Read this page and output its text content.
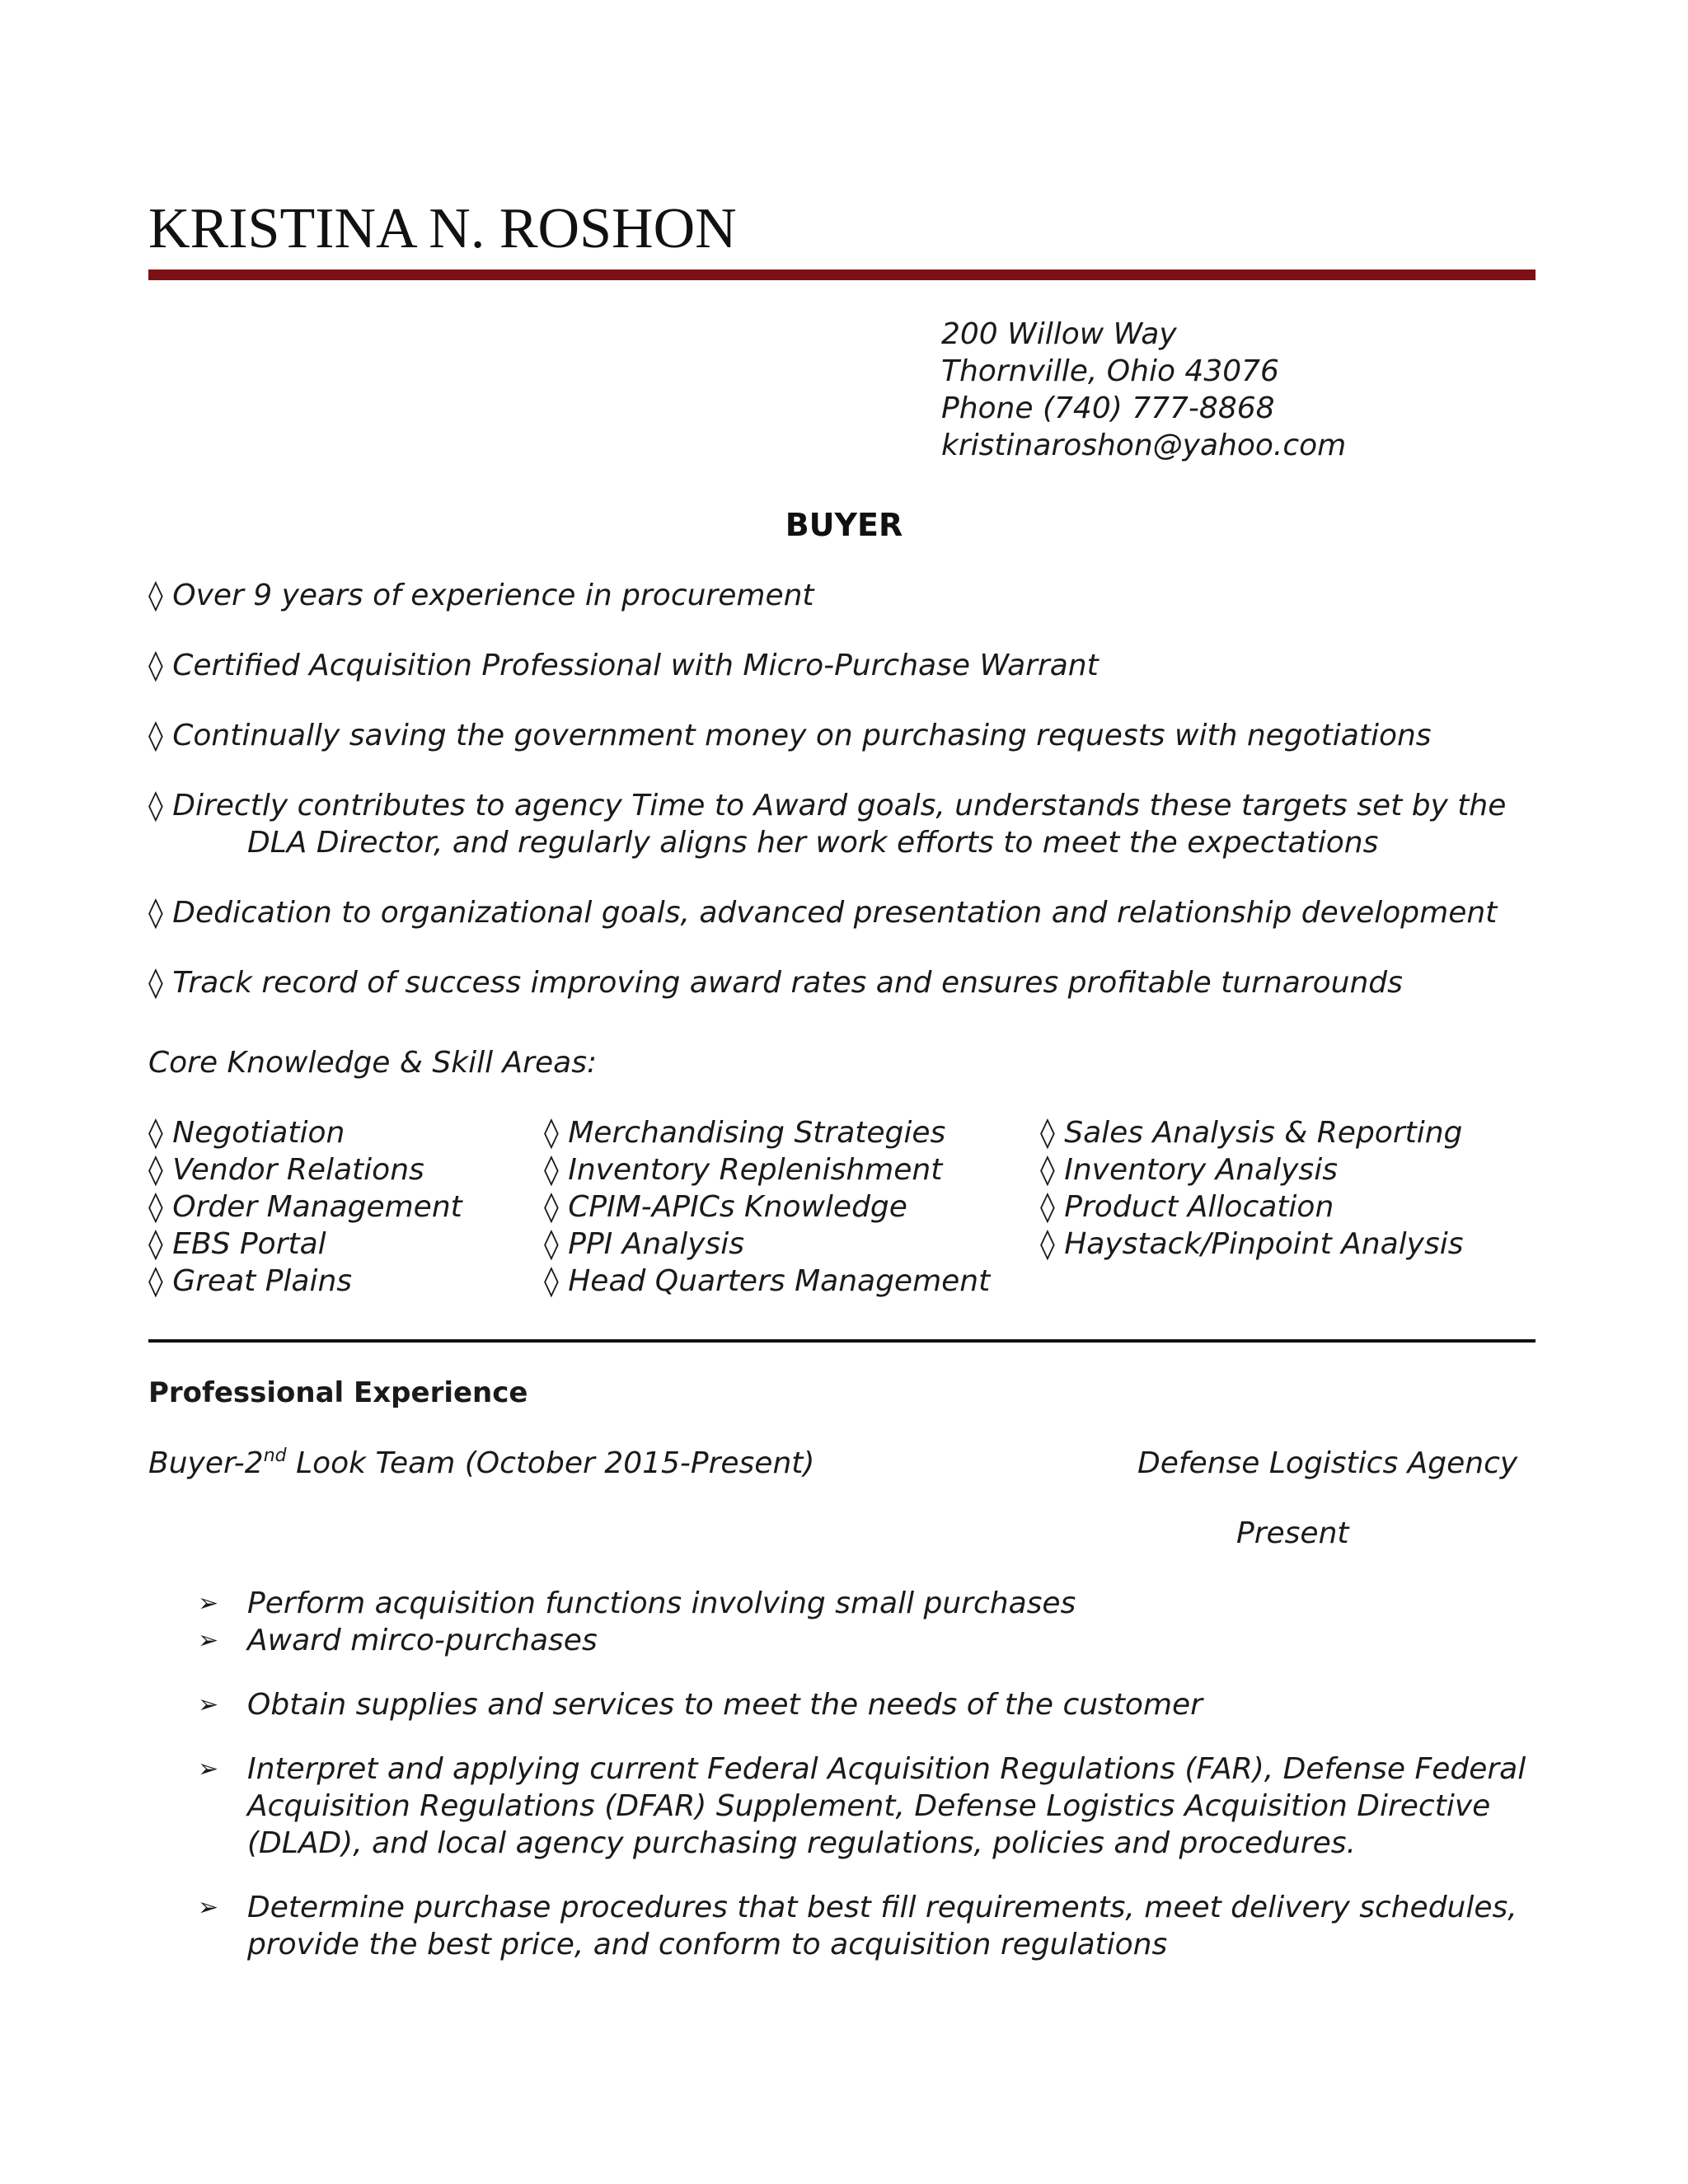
KRISTINA N. ROSHON
200 Willow Way
Thornville, Ohio 43076
Phone (740) 777-8868
kristinaroshon@yahoo.com
BUYER
◊ Over 9 years of experience in procurement
◊ Certified Acquisition Professional with Micro-Purchase Warrant
◊ Continually saving the government money on purchasing requests with negotiations
◊ Directly contributes to agency Time to Award goals, understands these targets set by the
DLA Director, and regularly aligns her work efforts to meet the expectations
◊ Dedication to organizational goals, advanced presentation and relationship development
◊ Track record of success improving award rates and ensures profitable turnarounds
Core Knowledge & Skill Areas:
◊ Negotiation
◊ Vendor Relations
◊ Order Management
◊ EBS Portal
◊ Great Plains
◊ Merchandising Strategies
◊ Inventory Replenishment
◊ CPIM-APICs Knowledge
◊ PPI Analysis
◊ Head Quarters Management
◊ Sales Analysis & Reporting
◊ Inventory Analysis
◊ Product Allocation
◊ Haystack/Pinpoint Analysis
Professional Experience
Buyer-2nd Look Team (October 2015-Present)	Defense Logistics Agency
Present
➢ Perform acquisition functions involving small purchases
➢ Award mirco-purchases
➢ Obtain supplies and services to meet the needs of the customer
➢ Interpret and applying current Federal Acquisition Regulations (FAR), Defense Federal
Acquisition Regulations (DFAR) Supplement, Defense Logistics Acquisition Directive
(DLAD), and local agency purchasing regulations, policies and procedures.
➢ Determine purchase procedures that best fill requirements, meet delivery schedules,
provide the best price, and conform to acquisition regulations
